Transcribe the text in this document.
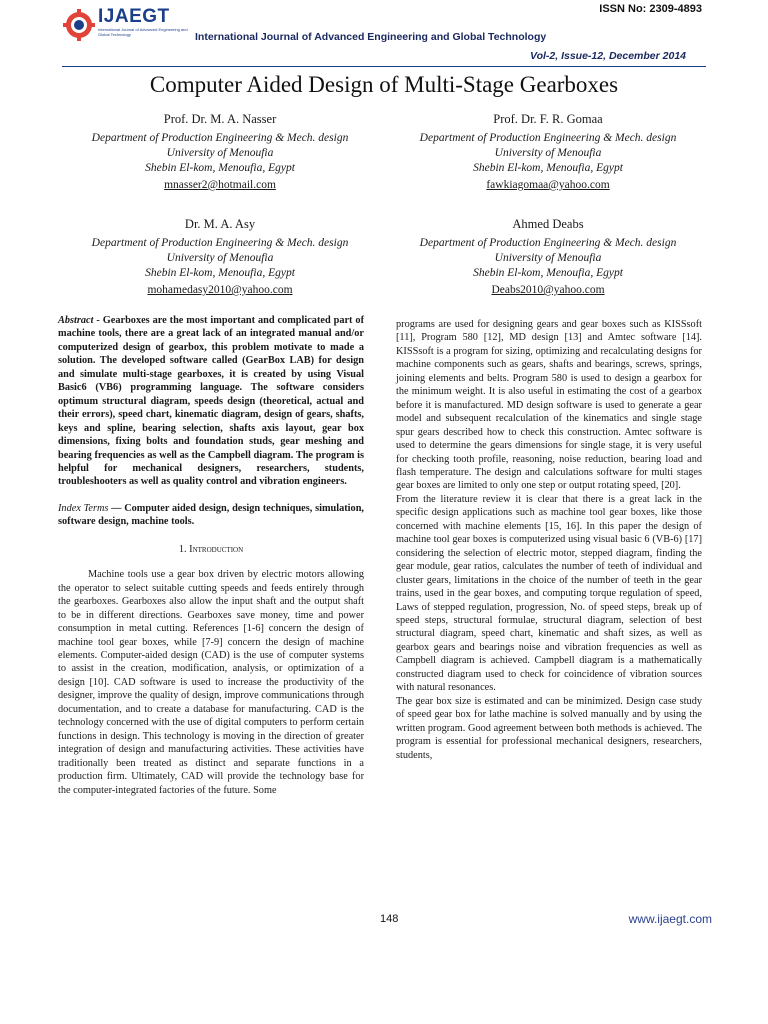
IJAEGT
International Journal of Advanced Engineering and Global Technology
ISSN No: 2309-4893
International Journal of Advanced Engineering and Global Technology
Vol-2, Issue-12, December 2014
Computer Aided Design of Multi-Stage Gearboxes
Prof. Dr. M. A. Nasser
Department of Production Engineering & Mech. design
University of Menoufia
Shebin El-kom, Menoufia, Egypt
mnasser2@hotmail.com
Prof. Dr. F. R. Gomaa
Department of Production Engineering & Mech. design
University of Menoufia
Shebin El-kom, Menoufia, Egypt
fawkiagomaa@yahoo.com
Dr. M. A. Asy
Department of Production Engineering & Mech. design
University of Menoufia
Shebin El-kom, Menoufia, Egypt
mohamedasy2010@yahoo.com
Ahmed Deabs
Department of Production Engineering & Mech. design
University of Menoufia
Shebin El-kom, Menoufia, Egypt
Deabs2010@yahoo.com

Abstract - Gearboxes are the most important and complicated part of machine tools, there are a great lack of an integrated manual and/or computerized design of gearbox, this problem motivate to made a solution. The developed software called (GearBox LAB) for design and simulate multi-stage gearboxes, it is created by using Visual Basic6 (VB6) programming language. The software considers optimum structural diagram, speeds design (theoretical, actual and their errors), speed chart, kinematic diagram, design of gears, shafts, keys and spline, bearing selection, shafts axis layout, gear box dimensions, fixing bolts and foundation studs, gear meshing and bearing frequencies as well as the Campbell diagram. The program is helpful for mechanical designers, researchers, students, troubleshooters as well as quality control and vibration engineers.

Index Terms — Computer aided design, design techniques, simulation, software design, machine tools.

1. Introduction

Machine tools use a gear box driven by electric motors allowing the operator to select suitable cutting speeds and feeds entirely through the gearboxes. Gearboxes also allow the input shaft and the output shaft to be in different directions. Gearboxes save money, time and power consumption in metal cutting. References [1-6] concern the design of machine tool gear boxes, while [7-9] concern the design of machine elements. Computer-aided design (CAD) is the use of computer systems to assist in the creation, modification, analysis, or optimization of a design [10]. CAD software is used to increase the productivity of the designer, improve the quality of design, improve communications through documentation, and to create a database for manufacturing. CAD is the technology concerned with the use of digital computers to perform certain functions in design. This technology is moving in the direction of greater integration of design and manufacturing activities. These activities have traditionally been treated as distinct and separate functions in a production firm. Ultimately, CAD will provide the technology base for the computer-integrated factories of the future. Some

programs are used for designing gears and gear boxes such as KISSsoft [11], Program 580 [12], MD design [13] and Amtec software [14]. KISSsoft is a program for sizing, optimizing and recalculating designs for machine components such as gears, shafts and bearings, screws, springs, joining elements and belts. Program 580 is used to design a gearbox for the minimum weight. It is also useful in estimating the cost of a gearbox before it is manufactured. MD design software is used to generate a gear model and subsequent recalculation of the kinematics and single stage spur gears described how to check this construction. Amtec software is used to determine the gears dimensions for single stage, it is very useful for checking tooth profile, reasoning, noise reduction, bearing load and flash temperature. The design and calculations software for multi stages gear boxes are limited to only one step or output rotating speed, [20].

From the literature review it is clear that there is a great lack in the specific design applications such as machine tool gear boxes, like those concerned with machine elements [15, 16]. In this paper the design of machine tool gear boxes is computerized using visual basic 6 (VB-6) [17] considering the selection of electric motor, stepped diagram, finding the gear module, gear ratios, calculates the number of teeth of individual and cluster gears, limitations in the choice of the number of teeth in the gear trains, used in the gear boxes, and computing torque regulation of speed, Laws of stepped regulation, progression, No. of speed steps, break up of speed steps, structural formulae, structural diagram, selection of best structural diagram, speed chart, kinematic and shaft sizes, as well as gearbox gears and bearings noise and vibration frequencies as well as Campbell diagram is achieved. Campbell diagram is a mathematically constructed diagram used to check for coincidence of vibration sources with natural resonances.

The gear box size is estimated and can be minimized. Design case study of speed gear box for lathe machine is solved manually and by using the written program. Good agreement between both methods is achieved. The program is essential for professional mechanical designers, researchers, students,

148	www.ijaegt.com
